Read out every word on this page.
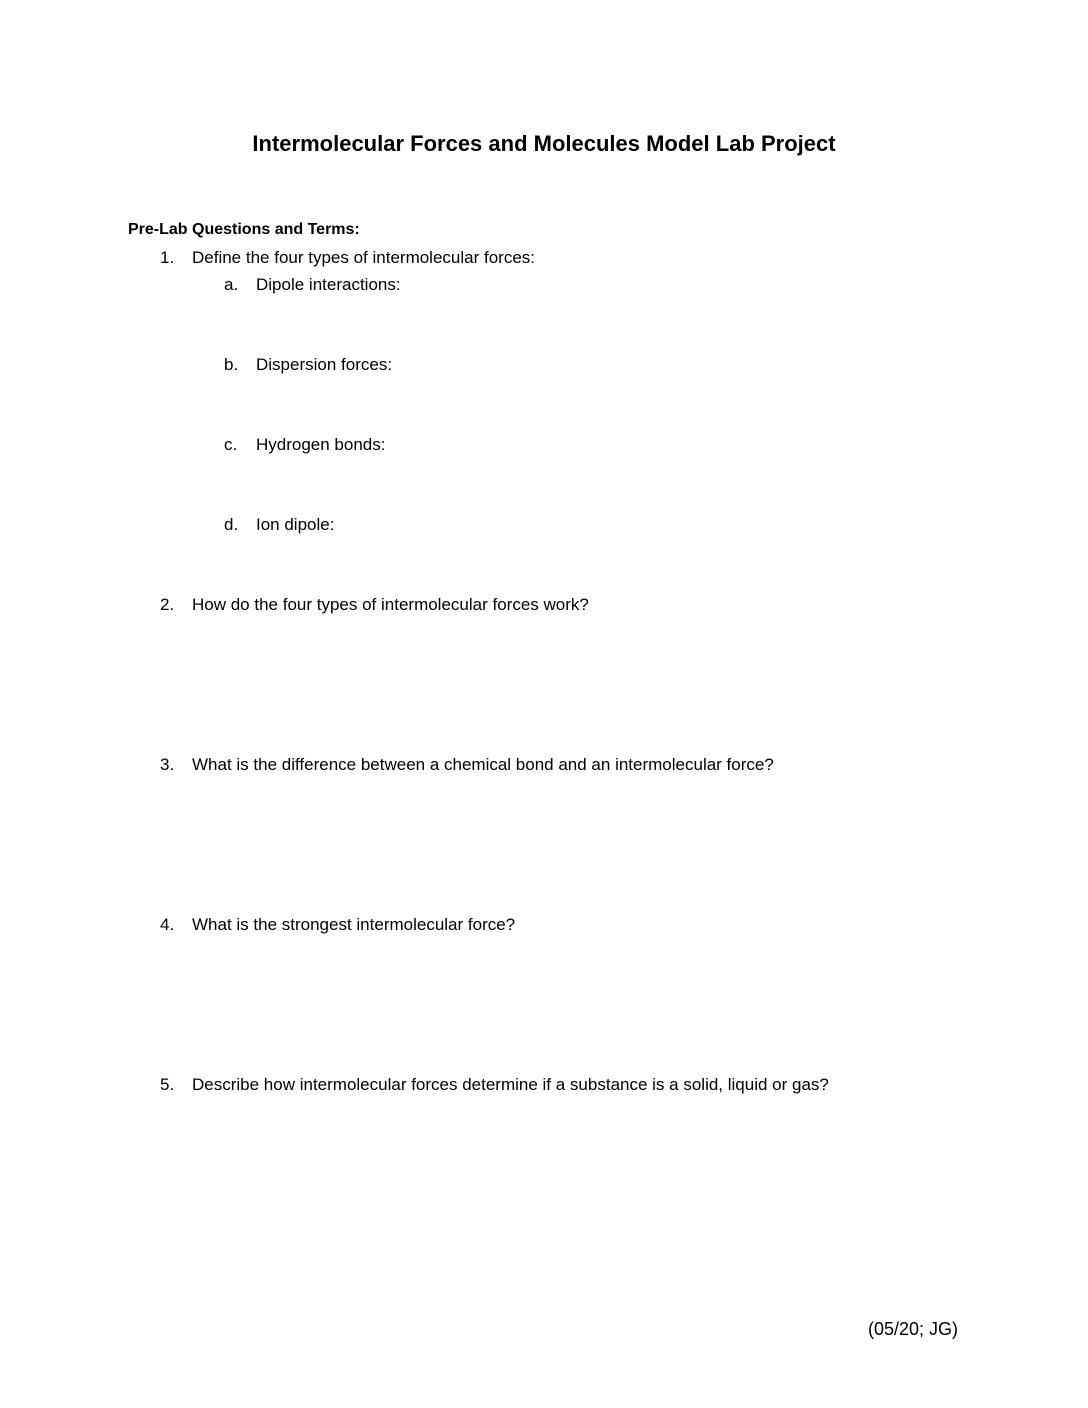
Intermolecular Forces and Molecules Model Lab Project
Pre-Lab Questions and Terms:
1. Define the four types of intermolecular forces:
a. Dipole interactions:
b. Dispersion forces:
c. Hydrogen bonds:
d. Ion dipole:
2. How do the four types of intermolecular forces work?
3. What is the difference between a chemical bond and an intermolecular force?
4. What is the strongest intermolecular force?
5. Describe how intermolecular forces determine if a substance is a solid, liquid or gas?
(05/20; JG)
